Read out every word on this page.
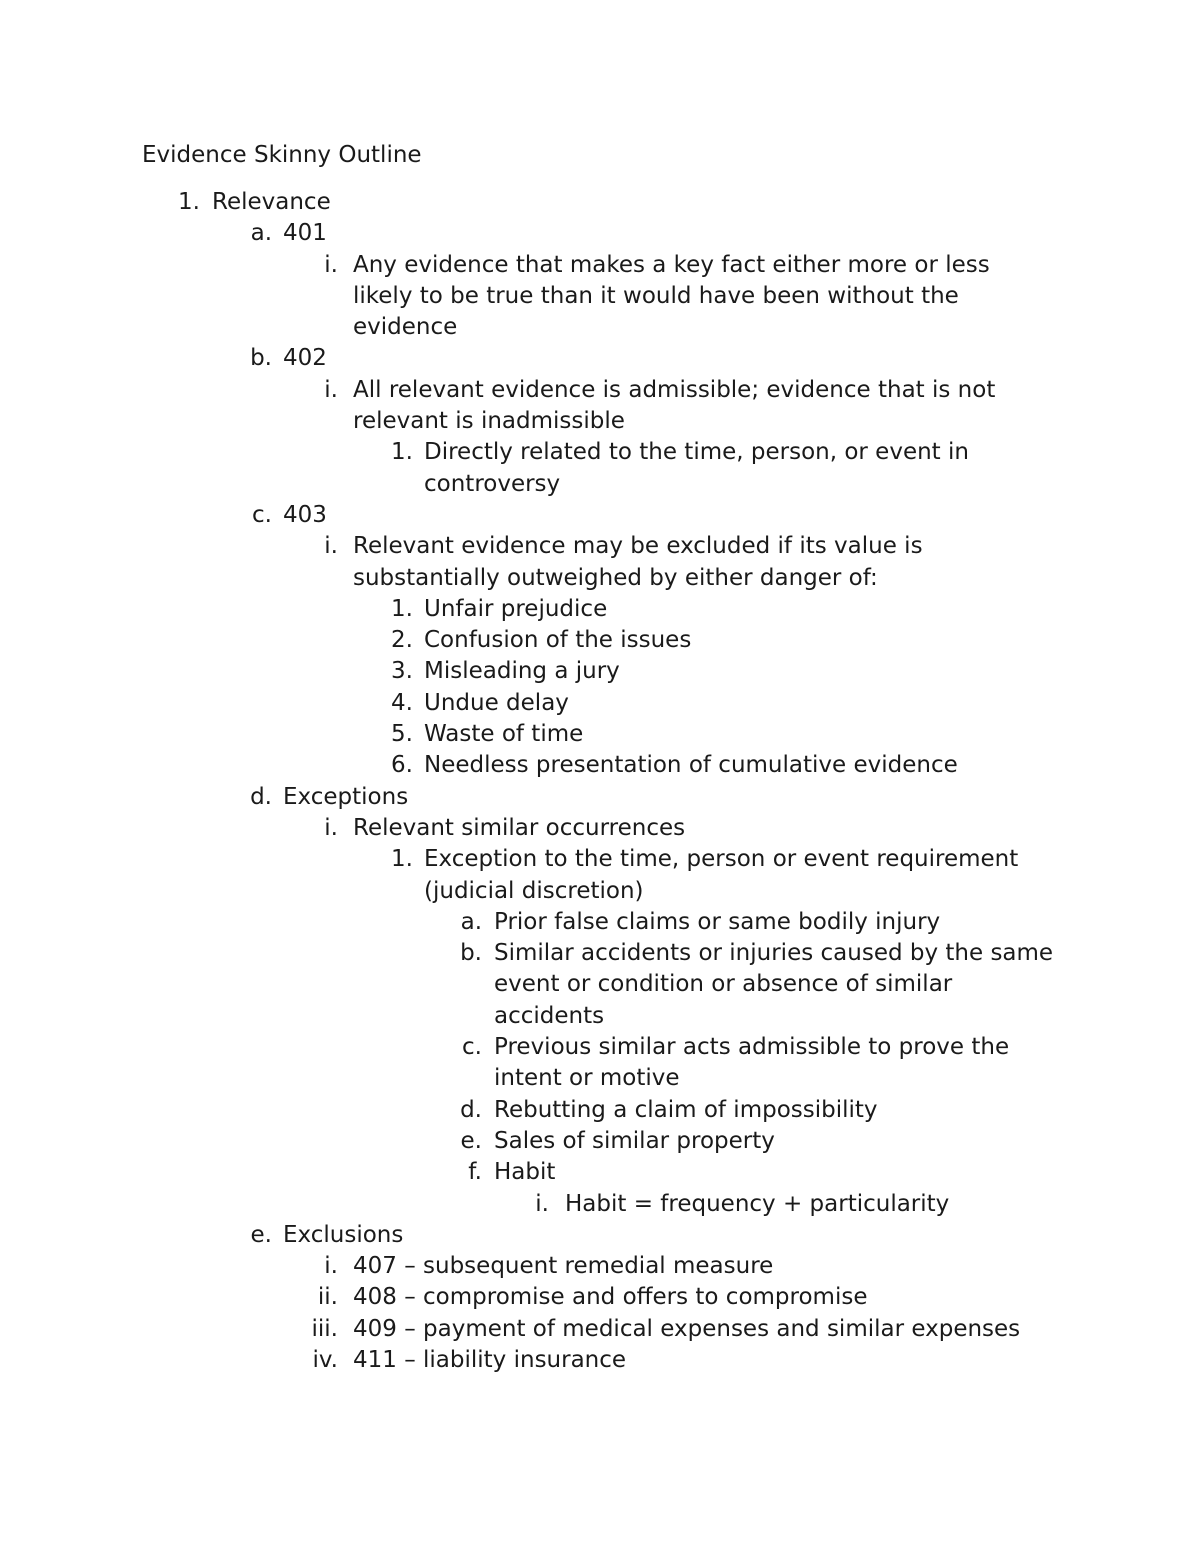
Evidence Skinny Outline
1. Relevance
a. 401
i. Any evidence that makes a key fact either more or less likely to be true than it would have been without the evidence
b. 402
i. All relevant evidence is admissible; evidence that is not relevant is inadmissible
1. Directly related to the time, person, or event in controversy
c. 403
i. Relevant evidence may be excluded if its value is substantially outweighed by either danger of:
1. Unfair prejudice
2. Confusion of the issues
3. Misleading a jury
4. Undue delay
5. Waste of time
6. Needless presentation of cumulative evidence
d. Exceptions
i. Relevant similar occurrences
1. Exception to the time, person or event requirement (judicial discretion)
a. Prior false claims or same bodily injury
b. Similar accidents or injuries caused by the same event or condition or absence of similar accidents
c. Previous similar acts admissible to prove the intent or motive
d. Rebutting a claim of impossibility
e. Sales of similar property
f. Habit
i. Habit = frequency + particularity
e. Exclusions
i. 407 – subsequent remedial measure
ii. 408 – compromise and offers to compromise
iii. 409 – payment of medical expenses and similar expenses
iv. 411 – liability insurance
